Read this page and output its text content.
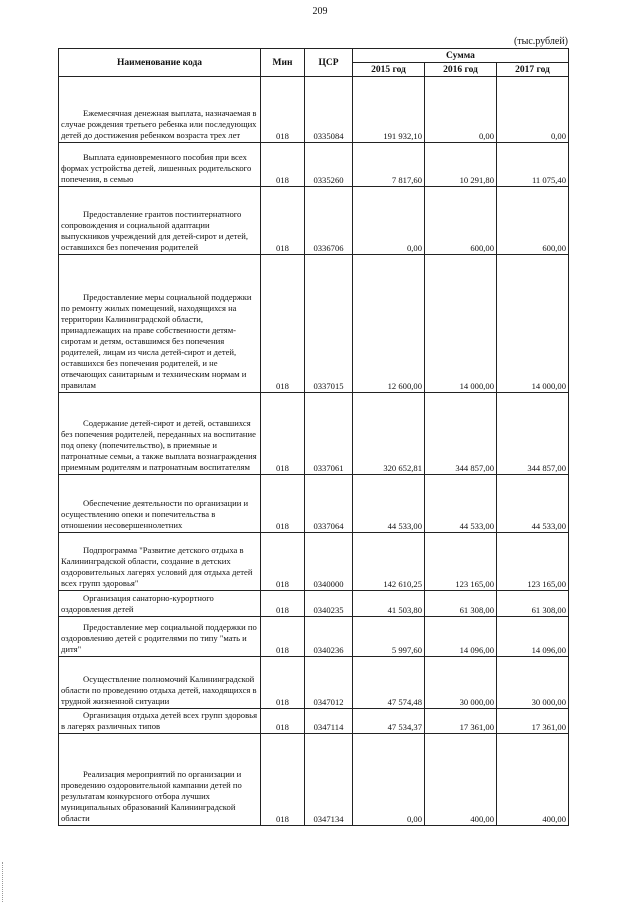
209
(тыс.рублей)
Наименование кода	Мин	ЦСР	Сумма		
			2015 год	2016 год	2017 год
Ежемесячная денежная выплата, назначаемая в случае рождения третьего ребенка или последующих детей до достижения ребенком возраста трех лет	018	0335084	191 932,10	0,00	0,00
Выплата единовременного пособия при всех формах устройства детей, лишенных родительского попечения, в семью	018	0335260	7 817,60	10 291,80	11 075,40
Предоставление грантов постинтернатного сопровождения и социальной адаптации выпускников учреждений для детей-сирот и детей, оставшихся без попечения родителей	018	0336706	0,00	600,00	600,00
Предоставление меры социальной поддержки по ремонту жилых помещений, находящихся на территории Калининградской области, принадлежащих на праве собственности детям-сиротам и детям, оставшимся без попечения родителей, лицам из числа детей-сирот и детей, оставшихся без попечения родителей, и не отвечающих санитарным и техническим нормам и правилам	018	0337015	12 600,00	14 000,00	14 000,00
Содержание детей-сирот и детей, оставшихся без попечения родителей, переданных на воспитание под опеку (попечительство), в приемные и патронатные семьи, а также выплата вознаграждения приемным родителям и патронатным воспитателям	018	0337061	320 652,81	344 857,00	344 857,00
Обеспечение деятельности по организации и осуществлению опеки и попечительства в отношении несовершеннолетних	018	0337064	44 533,00	44 533,00	44 533,00
Подпрограмма "Развитие детского отдыха в Калининградской области, создание в детских оздоровительных лагерях условий для отдыха детей всех групп здоровья"	018	0340000	142 610,25	123 165,00	123 165,00
Организация санаторно-курортного оздоровления детей	018	0340235	41 503,80	61 308,00	61 308,00
Предоставление мер социальной поддержки по оздоровлению детей с родителями по типу "мать и дитя"	018	0340236	5 997,60	14 096,00	14 096,00
Осуществление полномочий Калининградской области по проведению отдыха детей, находящихся в трудной жизненной ситуации	018	0347012	47 574,48	30 000,00	30 000,00
Организация отдыха детей всех групп здоровья в лагерях различных типов	018	0347114	47 534,37	17 361,00	17 361,00
Реализация мероприятий по организации и проведению оздоровительной кампании детей по результатам конкурсного отбора лучших муниципальных образований Калининградской области	018	0347134	0,00	400,00	400,00
